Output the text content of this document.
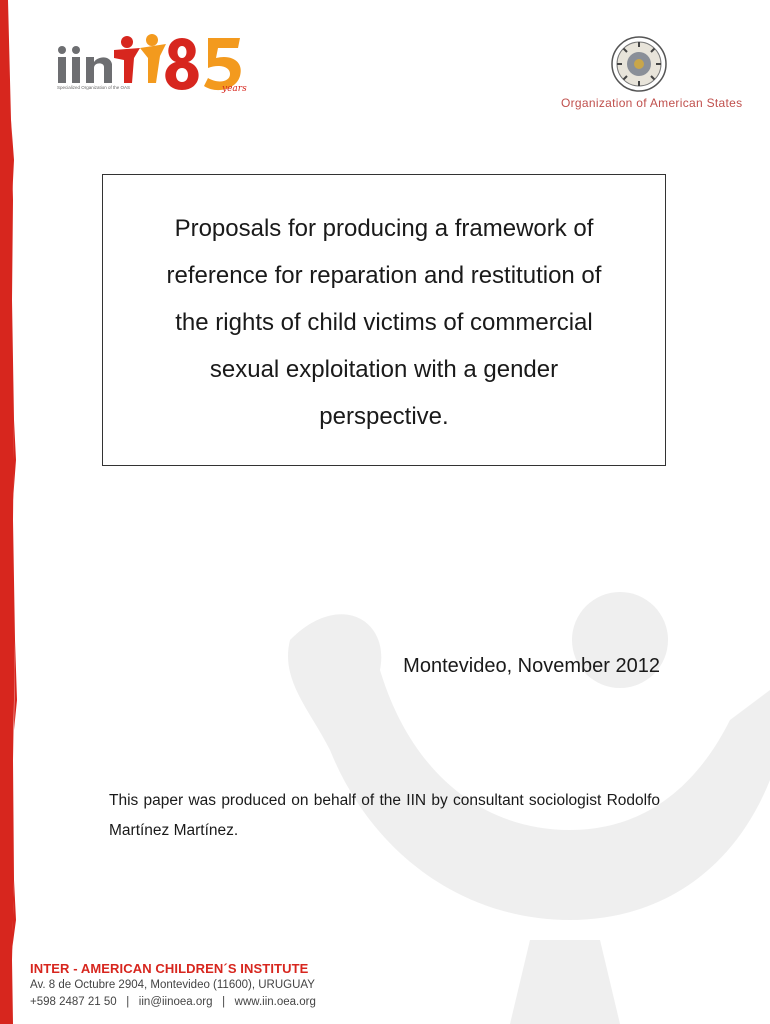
Specialized Organization of the OAS	years
Organization of American States
Proposals for producing a framework of
reference for reparation and restitution of
the rights of child victims of commercial
sexual exploitation with a gender
perspective.
Montevideo, November 2012
This paper was produced on behalf of the IIN by consultant sociologist Rodolfo Martínez Martínez.
INTER - AMERICAN CHILDREN´S INSTITUTE
Av. 8 de Octubre 2904, Montevideo (11600), URUGUAY
+598 2487 21 50   |   iin@iinoea.org   |   www.iin.oea.org
